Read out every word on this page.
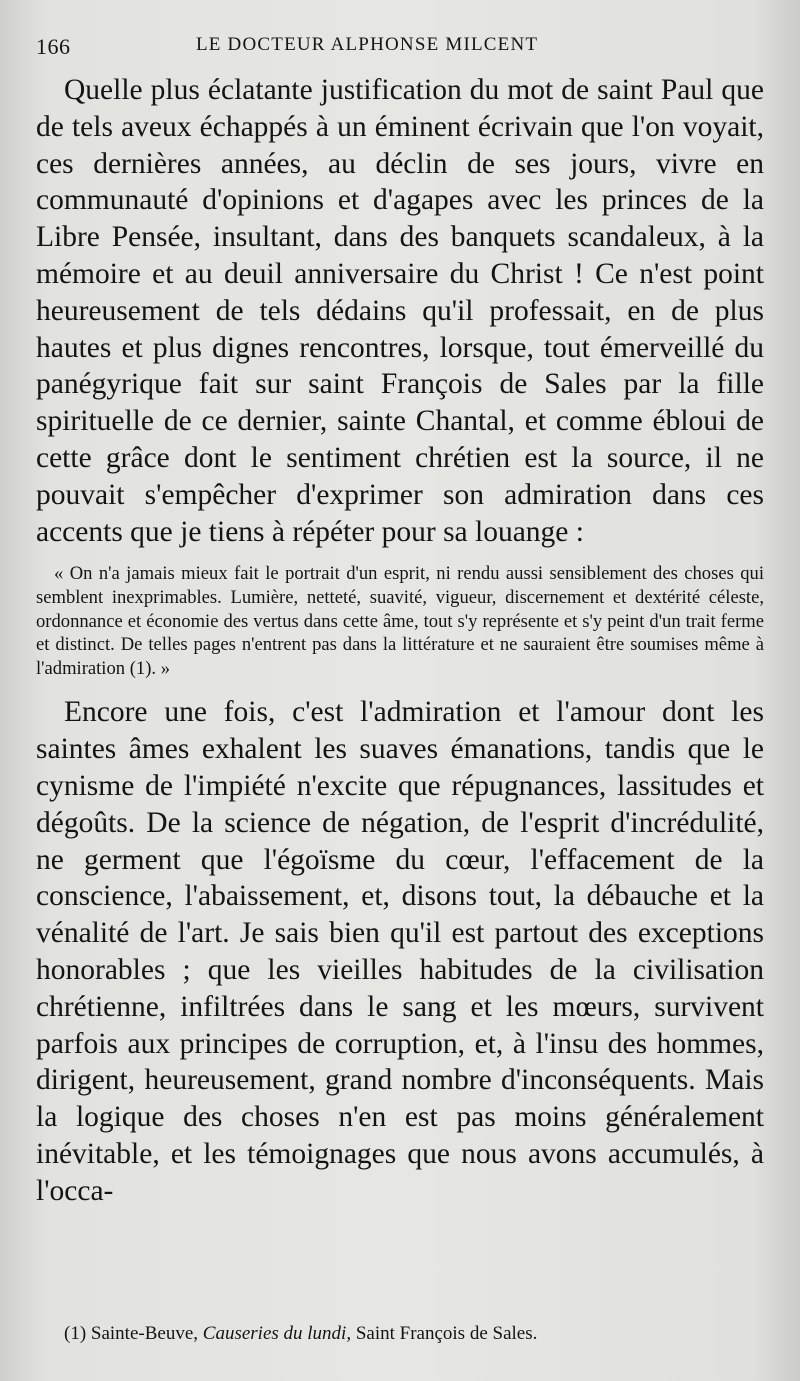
166	LE DOCTEUR ALPHONSE MILCENT

Quelle plus éclatante justification du mot de saint Paul que de tels aveux échappés à un éminent écrivain que l'on voyait, ces dernières années, au déclin de ses jours, vivre en communauté d'opinions et d'agapes avec les princes de la Libre Pensée, insultant, dans des banquets scandaleux, à la mémoire et au deuil anniversaire du Christ ! Ce n'est point heureusement de tels dédains qu'il professait, en de plus hautes et plus dignes rencontres, lorsque, tout émerveillé du panégyrique fait sur saint François de Sales par la fille spirituelle de ce dernier, sainte Chantal, et comme ébloui de cette grâce dont le sentiment chrétien est la source, il ne pouvait s'empêcher d'exprimer son admiration dans ces accents que je tiens à répéter pour sa louange :

« On n'a jamais mieux fait le portrait d'un esprit, ni rendu aussi sensiblement des choses qui semblent inexprimables. Lumière, netteté, suavité, vigueur, discernement et dextérité céleste, ordonnance et économie des vertus dans cette âme, tout s'y représente et s'y peint d'un trait ferme et distinct. De telles pages n'entrent pas dans la littérature et ne sauraient être soumises même à l'admiration (1). »

Encore une fois, c'est l'admiration et l'amour dont les saintes âmes exhalent les suaves émanations, tandis que le cynisme de l'impiété n'excite que répugnances, lassitudes et dégoûts. De la science de négation, de l'esprit d'incrédulité, ne germent que l'égoïsme du cœur, l'effacement de la conscience, l'abaissement, et, disons tout, la débauche et la vénalité de l'art. Je sais bien qu'il est partout des exceptions honorables ; que les vieilles habitudes de la civilisation chrétienne, infiltrées dans le sang et les mœurs, survivent parfois aux principes de corruption, et, à l'insu des hommes, dirigent, heureusement, grand nombre d'inconséquents. Mais la logique des choses n'en est pas moins généralement inévitable, et les témoignages que nous avons accumulés, à l'occa-

(1) Sainte-Beuve, Causeries du lundi, Saint François de Sales.
